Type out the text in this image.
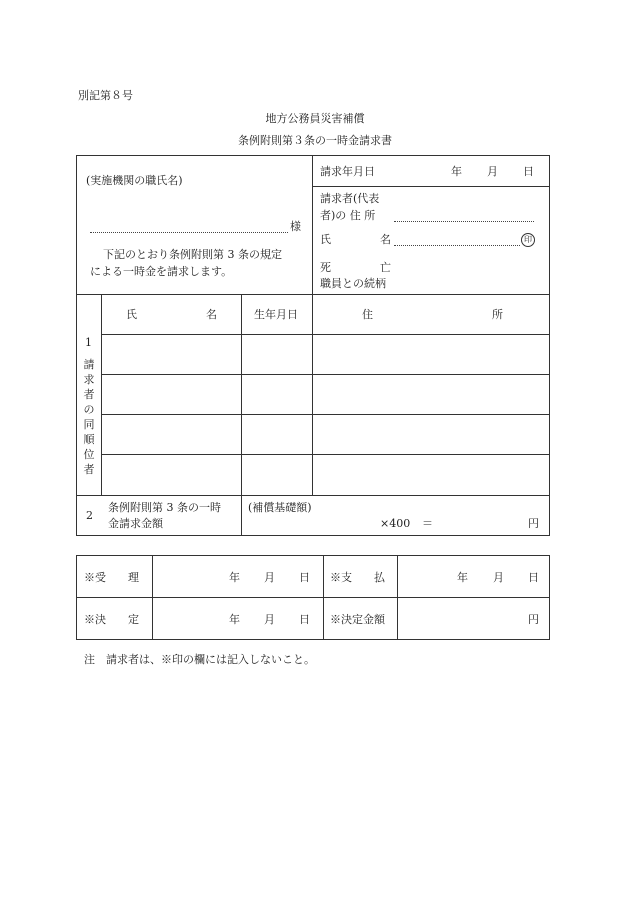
別記第８号
地方公務員災害補償
条例附則第３条の一時金請求書
(実施機関の職氏名)
様
下記のとおり条例附則第 3 条の規定
による一時金を請求します。
請求年月日	年 月 日
請求者(代表
者)の 住 所
氏	名	印
死	亡
職員との続柄
1
請
求
者
の
同
順
位
者
氏	名	生年月日	住	所
2
条例附則第 3 条の一時
金請求金額
(補償基礎額)
×400 ＝	円
※受　　理	年 月 日 ※支　　払	年 月 日
※決　　定	年 月 日 ※決定金額	円
注　請求者は、※印の欄には記入しないこと。
